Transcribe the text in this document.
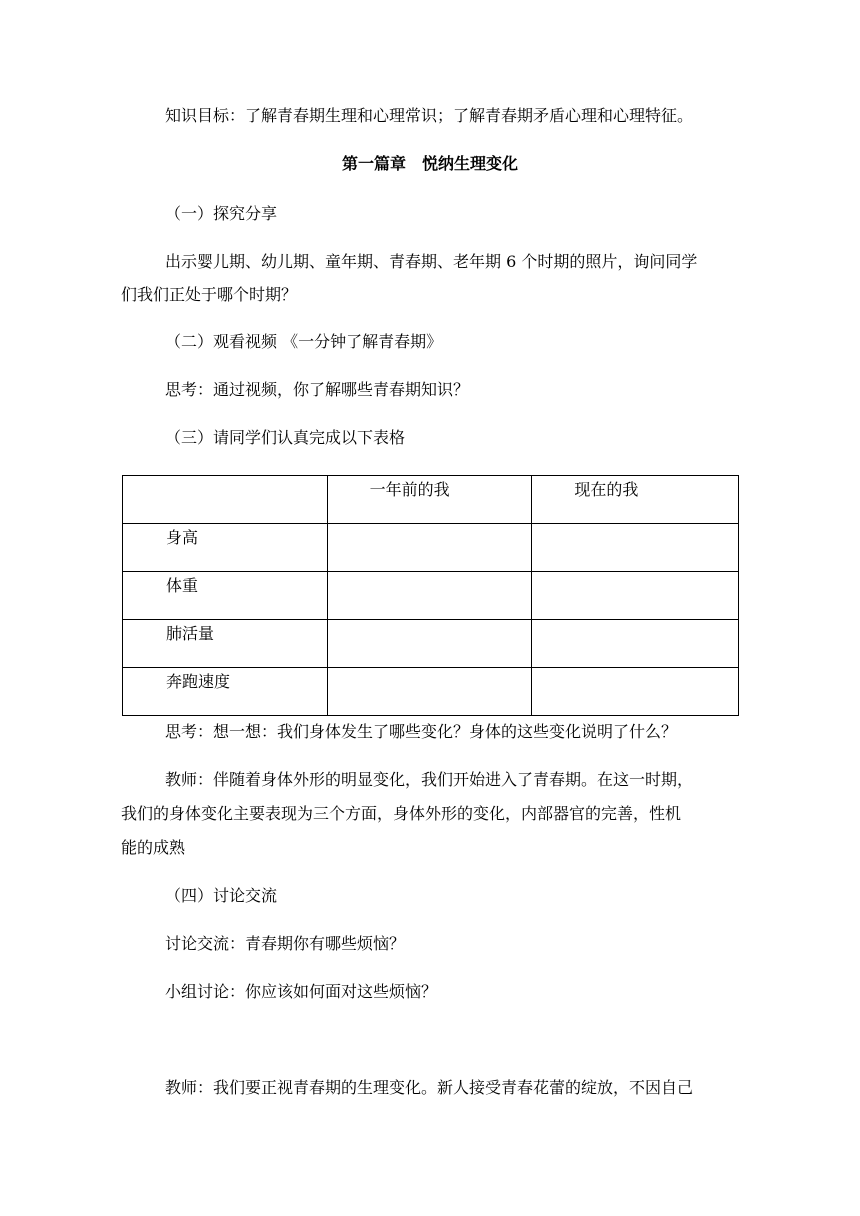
知识目标：了解青春期生理和心理常识；了解青春期矛盾心理和心理特征。

第一篇章　悦纳生理变化

（一）探究分享

出示婴儿期、幼儿期、童年期、青春期、老年期 6 个时期的照片，询问同学

们我们正处于哪个时期？

（二）观看视频 《一分钟了解青春期》

思考：通过视频，你了解哪些青春期知识？

（三）请同学们认真完成以下表格

	一年前的我	现在的我

身高		

体重		

肺活量		

奔跑速度		

思考：想一想：我们身体发生了哪些变化？身体的这些变化说明了什么？

教师：伴随着身体外形的明显变化，我们开始进入了青春期。在这一时期，

我们的身体变化主要表现为三个方面，身体外形的变化，内部器官的完善，性机

能的成熟

（四）讨论交流

讨论交流：青春期你有哪些烦恼？

小组讨论：你应该如何面对这些烦恼？

教师：我们要正视青春期的生理变化。新人接受青春花蕾的绽放，不因自己
